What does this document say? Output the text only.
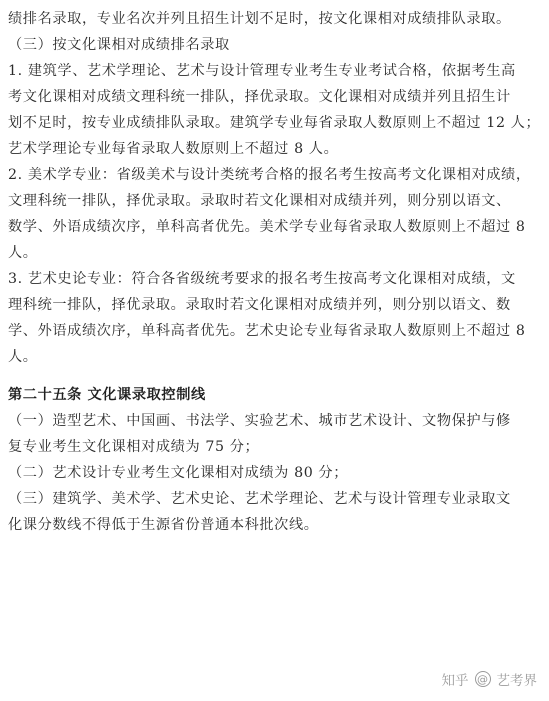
绩排名录取，专业名次并列且招生计划不足时，按文化课相对成绩排队录取。
（三）按文化课相对成绩排名录取
1. 建筑学、艺术学理论、艺术与设计管理专业考生专业考试合格，依据考生高
考文化课相对成绩文理科统一排队，择优录取。文化课相对成绩并列且招生计
划不足时，按专业成绩排队录取。建筑学专业每省录取人数原则上不超过 12 人；
艺术学理论专业每省录取人数原则上不超过 8 人。
2. 美术学专业：省级美术与设计类统考合格的报名考生按高考文化课相对成绩，
文理科统一排队，择优录取。录取时若文化课相对成绩并列，则分别以语文、
数学、外语成绩次序，单科高者优先。美术学专业每省录取人数原则上不超过 8
人。
3. 艺术史论专业：符合各省级统考要求的报名考生按高考文化课相对成绩，文
理科统一排队，择优录取。录取时若文化课相对成绩并列，则分别以语文、数
学、外语成绩次序，单科高者优先。艺术史论专业每省录取人数原则上不超过 8
人。
第二十五条 文化课录取控制线
（一）造型艺术、中国画、书法学、实验艺术、城市艺术设计、文物保护与修
复专业考生文化课相对成绩为 75 分；
（二）艺术设计专业考生文化课相对成绩为 80 分；
（三）建筑学、美术学、艺术史论、艺术学理论、艺术与设计管理专业录取文
化课分数线不得低于生源省份普通本科批次线。
知乎 @ 艺考界
